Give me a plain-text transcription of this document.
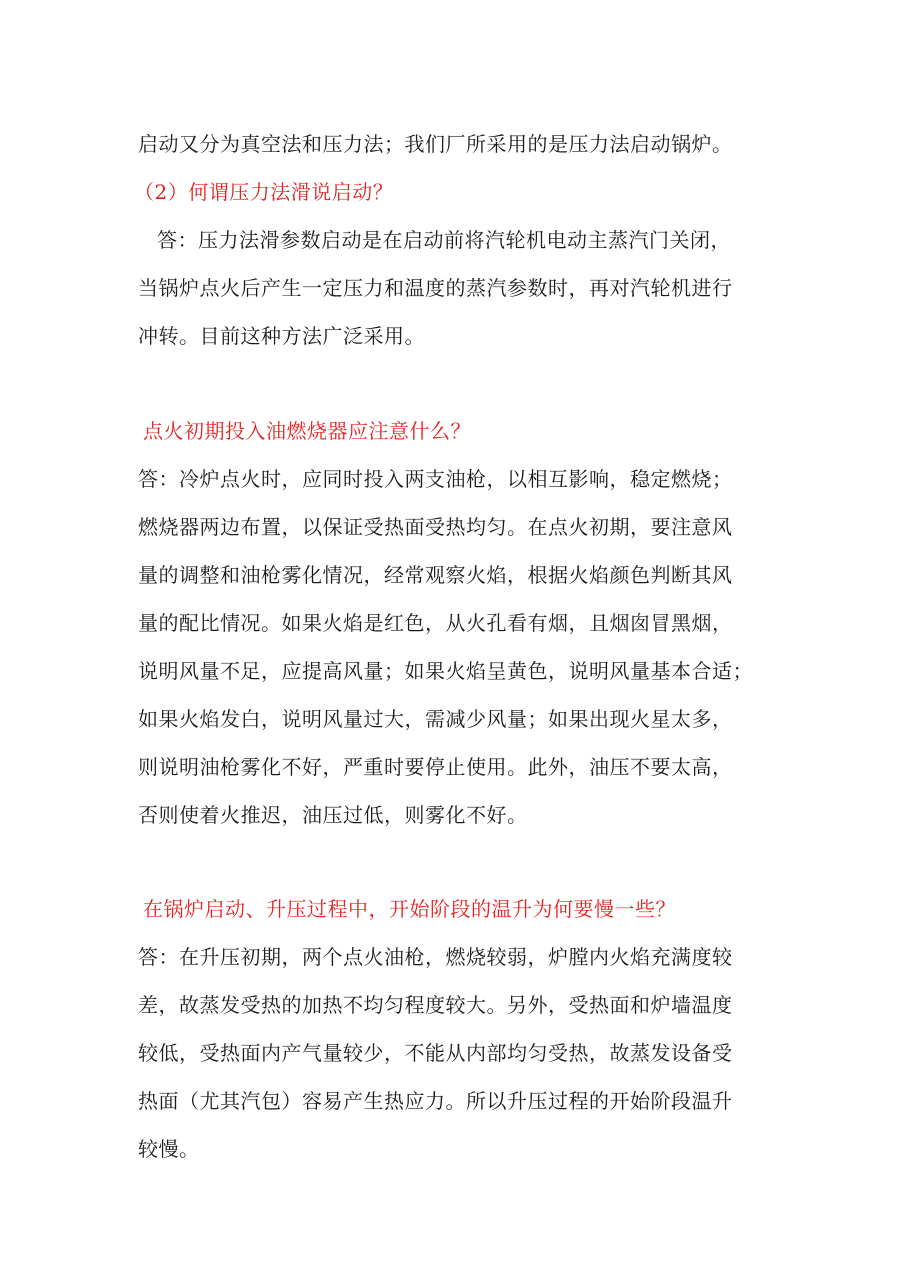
启动又分为真空法和压力法；我们厂所采用的是压力法启动锅炉。
（2）何谓压力法滑说启动？
答：压力法滑参数启动是在启动前将汽轮机电动主蒸汽门关闭，
当锅炉点火后产生一定压力和温度的蒸汽参数时，再对汽轮机进行
冲转。目前这种方法广泛采用。
点火初期投入油燃烧器应注意什么？
答：冷炉点火时，应同时投入两支油枪，以相互影响，稳定燃烧；
燃烧器两边布置，以保证受热面受热均匀。在点火初期，要注意风
量的调整和油枪雾化情况，经常观察火焰，根据火焰颜色判断其风
量的配比情况。如果火焰是红色，从火孔看有烟，且烟囱冒黑烟，
说明风量不足，应提高风量；如果火焰呈黄色，说明风量基本合适；
如果火焰发白，说明风量过大，需减少风量；如果出现火星太多，
则说明油枪雾化不好，严重时要停止使用。此外，油压不要太高，
否则使着火推迟，油压过低，则雾化不好。
在锅炉启动、升压过程中，开始阶段的温升为何要慢一些？
答：在升压初期，两个点火油枪，燃烧较弱，炉膛内火焰充满度较
差，故蒸发受热的加热不均匀程度较大。另外，受热面和炉墙温度
较低，受热面内产气量较少，不能从内部均匀受热，故蒸发设备受
热面（尤其汽包）容易产生热应力。所以升压过程的开始阶段温升
较慢。
